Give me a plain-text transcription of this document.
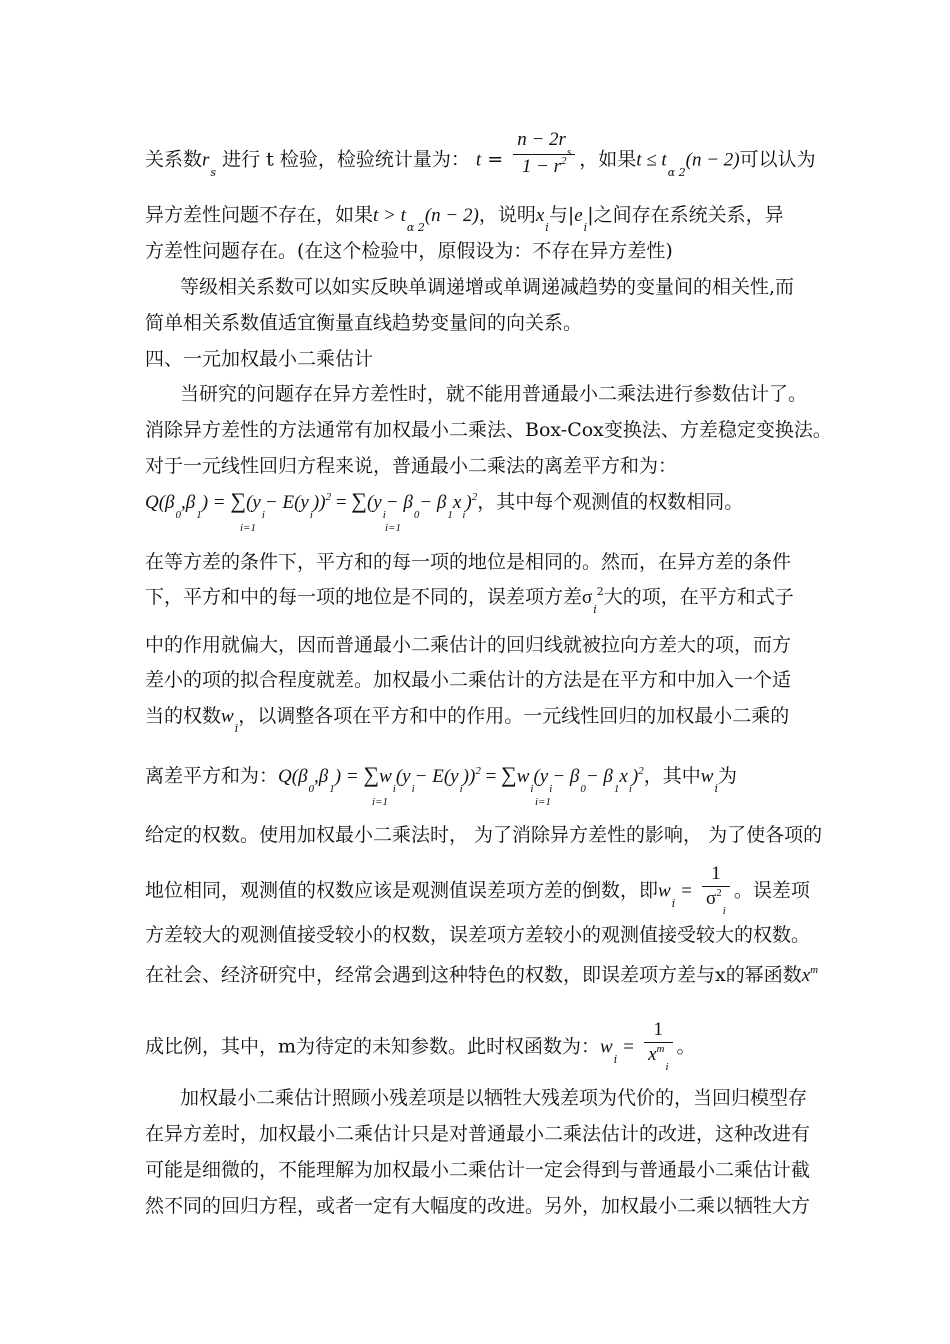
关系数$r_s$ 进行 t 检验，检验统计量为： $t = \frac{n - 2r_s}{1 - r^2}$ ，如果$t \le t_{\alpha 2}(n - 2)$可以认为
异方差性问题不存在，如果$t > t_{\alpha 2}(n - 2)$，说明$x_i$与$|e_i|$之间存在系统关系，异
方差性问题存在。(在这个检验中，原假设为：不存在异方差性)
等级相关系数可以如实反映单调递增或单调递减趋势的变量间的相关性,而
简单相关系数值适宜衡量直线趋势变量间的向关系。
四、一元加权最小二乘估计
当研究的问题存在异方差性时，就不能用普通最小二乘法进行参数估计了。
消除异方差性的方法通常有加权最小二乘法、Box-Cox变换法、方差稳定变换法。
对于一元线性回归方程来说，普通最小二乘法的离差平方和为：
$Q(\beta_0,\beta_1) = \sum(y_i- E(y_i))^2 = \sum(y_i- \beta_0- \beta_1x_i)^2$，其中每个观测值的权数相同。
i=1	i=1
在等方差的条件下，平方和的每一项的地位是相同的。然而，在异方差的条件
下，平方和中的每一项的地位是不同的，误差项方差$\sigma_i^2$大的项，在平方和式子
中的作用就偏大，因而普通最小二乘估计的回归线就被拉向方差大的项，而方
差小的项的拟合程度就差。加权最小二乘估计的方法是在平方和中加入一个适
当的权数$w_i$，以调整各项在平方和中的作用。一元线性回归的加权最小二乘的
离差平方和为：$Q(\beta_0,\beta_1) = \sum w_i(y_i- E(y_i))^2 = \sum w_i(y_i- \beta_0- \beta_1x_i)^2$，其中$w_i$为
i=1	i=1
给定的权数。使用加权最小二乘法时， 为了消除异方差性的影响， 为了使各项的
地位相同，观测值的权数应该是观测值误差项方差的倒数，即$w_i = \frac{1}{\sigma^2_i}$ 。误差项
方差较大的观测值接受较小的权数，误差项方差较小的观测值接受较大的权数。
在社会、经济研究中，经常会遇到这种特色的权数，即误差项方差与x的幂函数$x^m$
成比例，其中，m为待定的未知参数。此时权函数为：$w_i = \frac{1}{x^m_i}$ 。
加权最小二乘估计照顾小残差项是以牺牲大残差项为代价的，当回归模型存
在异方差时，加权最小二乘估计只是对普通最小二乘法估计的改进，这种改进有
可能是细微的，不能理解为加权最小二乘估计一定会得到与普通最小二乘估计截
然不同的回归方程，或者一定有大幅度的改进。另外，加权最小二乘以牺牲大方
